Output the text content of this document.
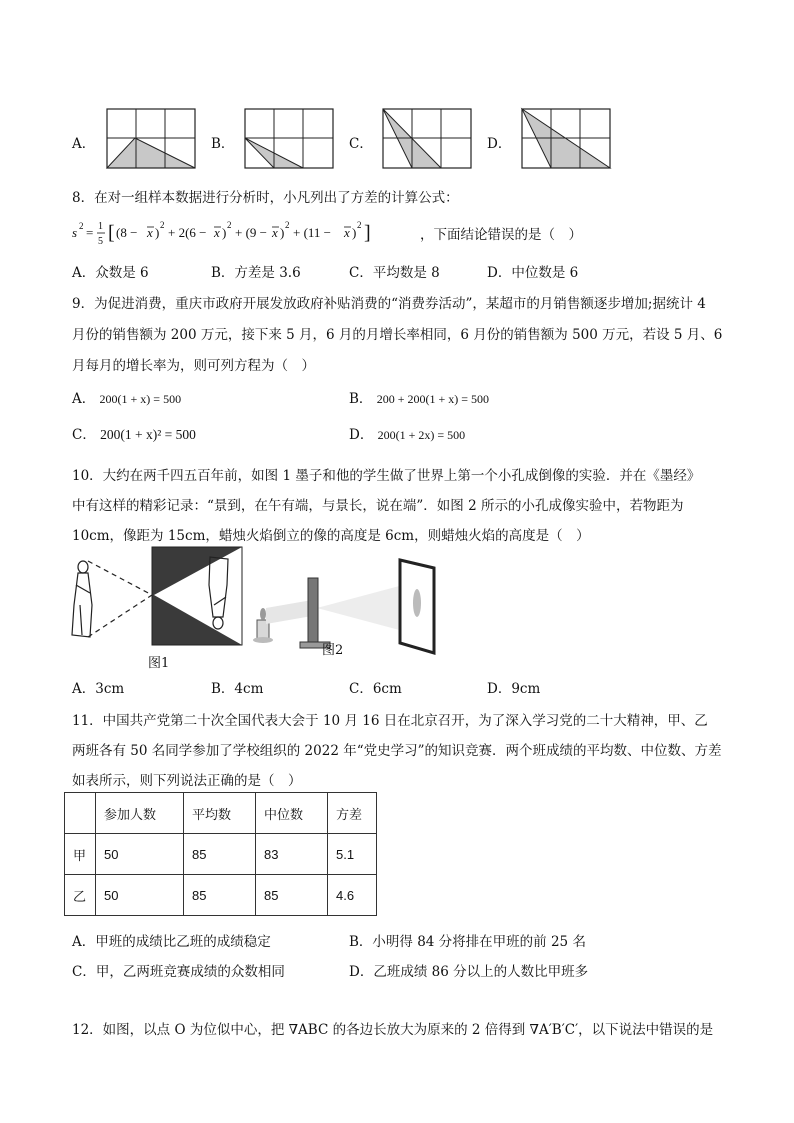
A．	B．	C．	D．
8．在对一组样本数据进行分析时，小凡列出了方差的计算公式：
s 2 = 1
5 [ (8 − x ) 2 + 2(6 − x ) 2 + (9 − x ) 2 + (11 − x ) 2 ]	，下面结论错误的是（　）
A．众数是 6	B．方差是 3.6	C．平均数是 8	D．中位数是 6
9．为促进消费，重庆市政府开展发放政府补贴消费的“消费券活动”，某超市的月销售额逐步增加;据统计 4
月份的销售额为 200 万元，接下来 5 月，6 月的月增长率相同，6 月份的销售额为 500 万元，若设 5 月、6
月每月的增长率为，则可列方程为（　）
A． 200(1 + x) = 500	B． 200 + 200(1 + x) = 500
C． 200(1 + x)² = 500	D． 200(1 + 2x) = 500
10．大约在两千四五百年前，如图 1 墨子和他的学生做了世界上第一个小孔成倒像的实验．并在《墨经》
中有这样的精彩记录：“景到，在午有端，与景长，说在端”．如图 2 所示的小孔成像实验中，若物距为
10cm，像距为 15cm，蜡烛火焰倒立的像的高度是 6cm，则蜡烛火焰的高度是（　）
图1
图2
A．3cm	B．4cm	C．6cm	D．9cm
11．中国共产党第二十次全国代表大会于 10 月 16 日在北京召开，为了深入学习党的二十大精神，甲、乙
两班各有 50 名同学参加了学校组织的 2022 年“党史学习”的知识竞赛．两个班成绩的平均数、中位数、方差
如表所示，则下列说法正确的是（　）
	参加人数	平均数	中位数	方差
甲	50	85	83	5.1
乙	50	85	85	4.6
A．甲班的成绩比乙班的成绩稳定	B．小明得 84 分将排在甲班的前 25 名
C．甲，乙两班竞赛成绩的众数相同	D．乙班成绩 86 分以上的人数比甲班多
12．如图，以点 O 为位似中心，把 ∇ABC 的各边长放大为原来的 2 倍得到 ∇A′B′C′，以下说法中错误的是
